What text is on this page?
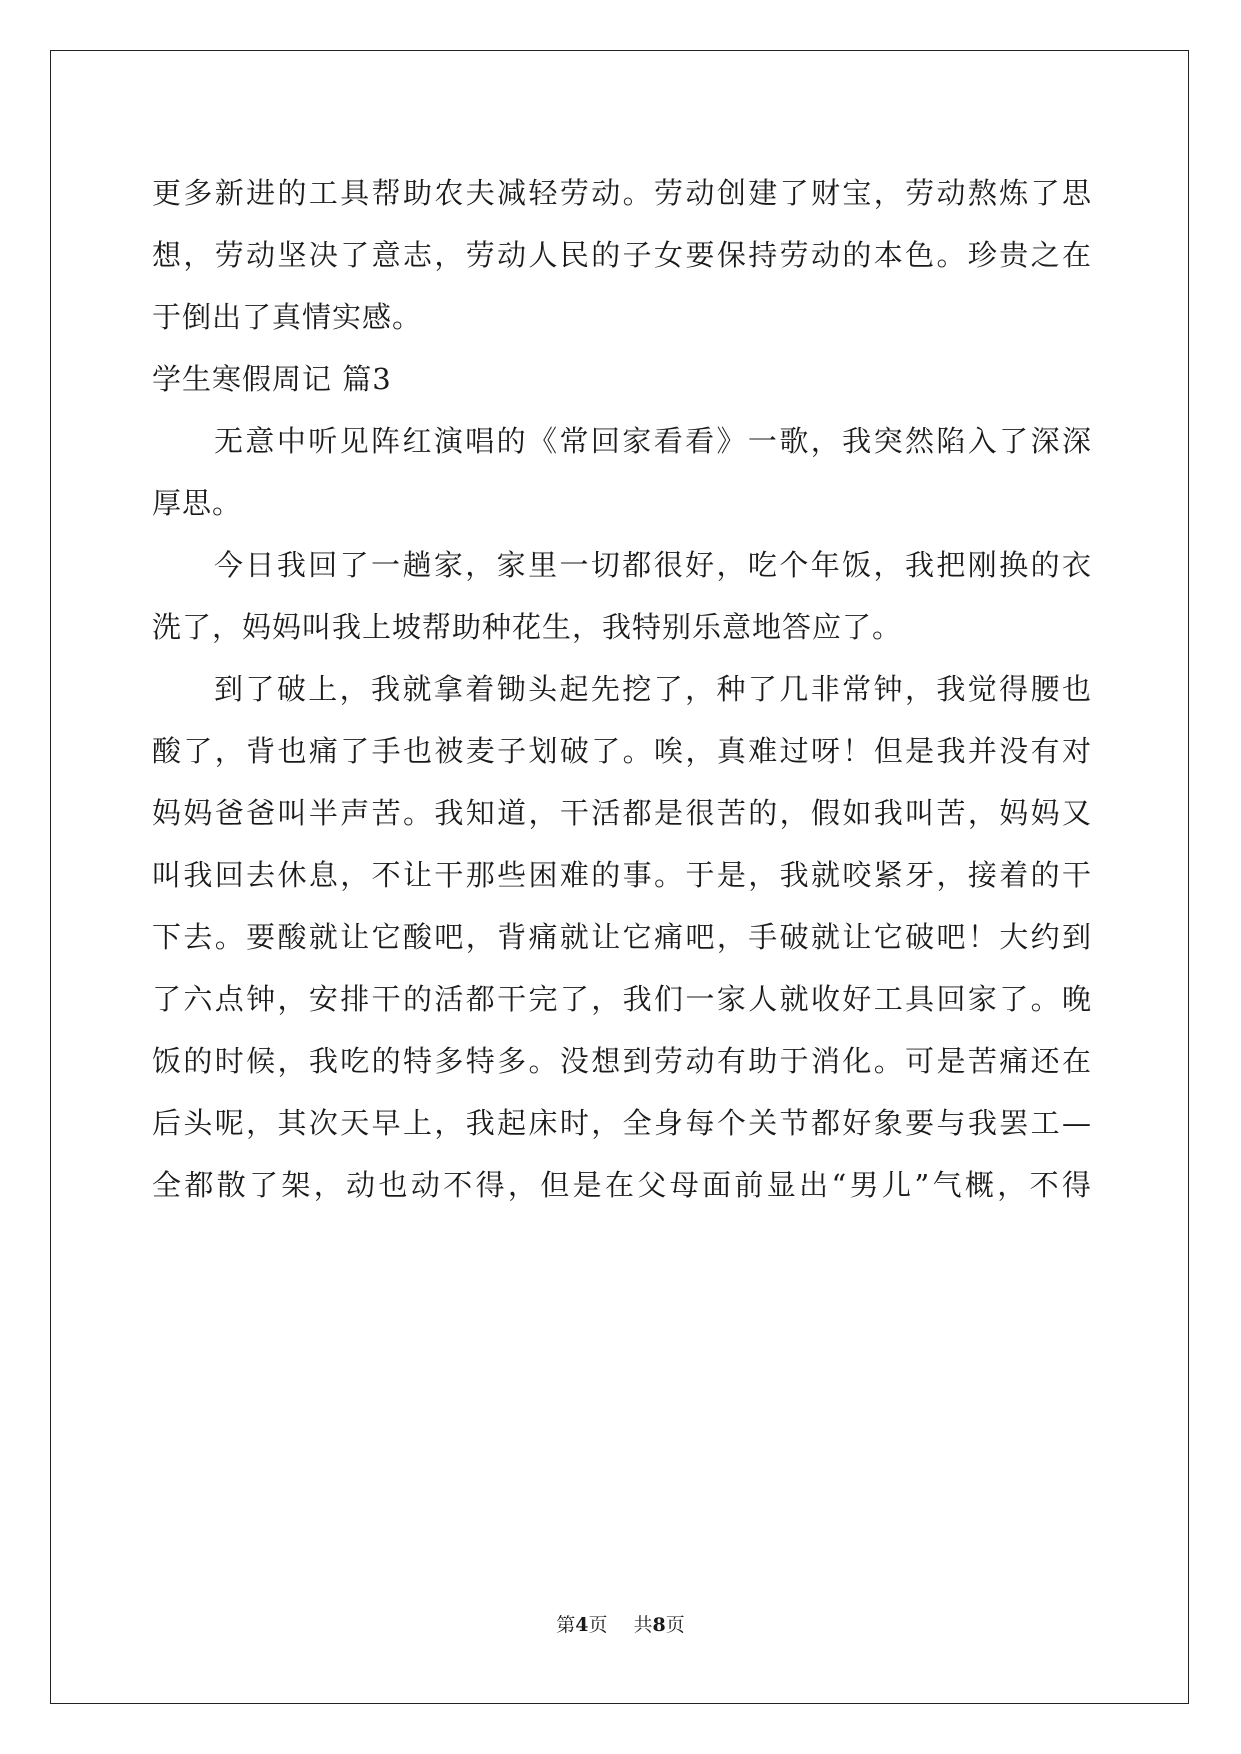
更多新进的工具帮助农夫减轻劳动。劳动创建了财宝，劳动熬炼了思
想，劳动坚决了意志，劳动人民的子女要保持劳动的本色。珍贵之在
于倒出了真情实感。
学生寒假周记 篇3
无意中听见阵红演唱的《常回家看看》一歌，我突然陷入了深深
厚思。
今日我回了一趟家，家里一切都很好，吃个年饭，我把刚换的衣
洗了，妈妈叫我上坡帮助种花生，我特别乐意地答应了。
到了破上，我就拿着锄头起先挖了，种了几非常钟，我觉得腰也
酸了，背也痛了手也被麦子划破了。唉，真难过呀！但是我并没有对
妈妈爸爸叫半声苦。我知道，干活都是很苦的，假如我叫苦，妈妈又
叫我回去休息，不让干那些困难的事。于是，我就咬紧牙，接着的干
下去。要酸就让它酸吧，背痛就让它痛吧，手破就让它破吧！大约到
了六点钟，安排干的活都干完了，我们一家人就收好工具回家了。晚
饭的时候，我吃的特多特多。没想到劳动有助于消化。可是苦痛还在
后头呢，其次天早上，我起床时，全身每个关节都好象要与我罢工—
全都散了架，动也动不得，但是在父母面前显出“男儿”气概，不得
第4页 共8页
